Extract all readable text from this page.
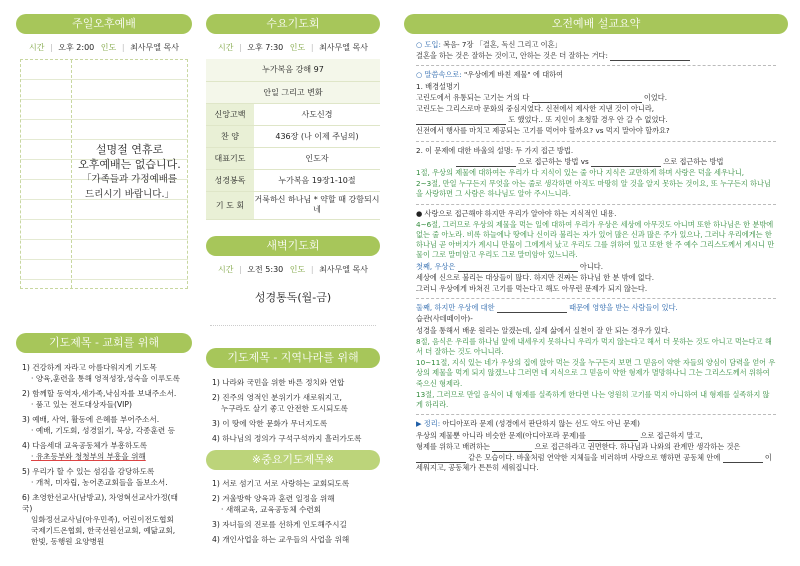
주일오후예배
시간 | 오후 2:00 인도 | 최사무엘 목사
설명절 연휴로
오후예배는 없습니다.
「가족들과 가정예배를
드리시기 바랍니다.」
기도제목 - 교회를 위해
1) 건강하게 자라고 아름다워지게 기도목
· 양육,훈련을 통해 영적성장,성숙을 이루도록
2) 함께할 동역자,새가족,낙심자를 보내주소서.
· 품고 있는 전도대상자들(VIP)
3) 예배, 사역, 활동에 은혜를 부어주소서.
· 예배, 기도회, 성경읽기, 묵상, 각종훈련 등
4) 다음세대 교육공동체가 부흥하도록
· 유초등부와 청청부의 부흥을 위해
5) 우리가 할 수 있는 섬김을 감당하도록
· 개척, 미자립, 농어촌교회들을 돌보소서.
6) 초영한선교사(남방교), 차영혁선교사가정(태국)
임화정선교사님(아우민족), 어린이전도협회
국제기드온협회, 한국선원선교회, 예닮교회,
한빛, 동행원 요양병원
수요기도회
시간 | 오후 7:30 인도 | 최사무엘 목사
누가복음 강해 97	
안일 그리고 변화	
신앙고백	사도신경
찬 양	436장 (나 이제 주님의)
대표기도	인도자
성경봉독	누가복음 19장1-10절
기 도 회	거룩하신 하나님 * 약할 때 강함되시네
새벽기도회
시간 | 오전 5:30 인도 | 최사무엘 목사
성경통독(월-금)
기도제목 - 지역나라를 위해
1) 나라와 국민을 위한 바른 정치와 연합
2) 진주의 영적인 분위기가 새로워지고,
누구라도 살기 좋고 안전한 도시되도록
3) 이 땅에 악한 문화가 무너지도록
4) 하나님의 정의가 구석구석까지 흘러가도록
※중요기도제목※
1) 서로 섬기고 서로 사랑하는 교회되도록
2) 겨울방학 양육과 훈련 일정을 위해
· 새해교육, 교육공동체 수련회
3) 자녀들의 진로를 선하게 인도해주시길
4) 개인사업을 하는 교우들의 사업을 위해
오전예배 설교요약

○ 도입: 복음- 7장 「결혼, 독신 그리고 이혼」

결혼을 하는 것은 잘하는 것이고, 안하는 것은 더 잘하는 거다:

○ 말씀속으로: "우상에게 바친 제물" 에 대하여

1. 배경설명기

고린도에서 유통되는 고기는 거의 다	이었다.

고린도는 그리스로마 문화의 중심지였다. 신전에서 제사한 지낸 것이 아니라,

도 했었다.. 또 지인이 초청할 경우 안 갈 수 없었다.

신전에서 행사를 마치고 제공되는 고기를 먹어야 할까요? vs 먹지 말아야 할까요?

2. 이 문제에 대한 바울의 설명: 두 가지 접근 방법.

으로 접근하는 방법 vs	으로 접근하는 방법

1절, 우상의 제물에 대하여는 우리가 다 지식이 있는 줄 아나 지식은 교만하게 하며 사랑은 덕을 세우나니,

2~3절, 만일 누구든지 무엇을 아는 줄로 생각하면 아직도 마땅히 알 것을 알지 못하는 것이요, 또 누구든지 하나님을 사랑하면 그 사람은 하나님도 알아 주시느니라.

● 사랑으로 접근해야 하지만 우리가 알아야 하는 지식적인 내용.

4~6절, 그러므로 우상의 제물을 먹는 일에 대하여 우리가 우상은 세상에 아무것도 아니며 또한 하나님은 한 분밖에 없는 줄 아노라. 비록 하늘에나 땅에나 신이라 불리는 자가 있어 많은 신과 많은 주가 있으나, 그러나 우리에게는 한 하나님 곧 아버지가 계시니 만물이 그에게서 났고 우리도 그를 위하여 있고 또한 한 주 예수 그리스도께서 계시니 만물이 그로 말미암고 우리도 그로 말미암아 있느니라.

첫째, 우상은	아니다.

세상에 신으로 불리는 대상들이 많다. 하지만 진짜는 하나님 한 분 밖에 없다.

그러니 우상에게 바쳐진 고기를 먹는다고 해도 아무런 문제가 되지 않는다.

둘째, 하지만 우상에 대한	때문에 영향을 받는 사람들이 있다.

습관(사데떼이아)-

성경을 통해서 배운 원리는 알겠는데, 실제 삶에서 실천이 잘 안 되는 경우가 있다.

8절, 음식은 우리를 하나님 앞에 내세우지 못하나니 우리가 먹지 않는다고 해서 더 못하는 것도 아니고 먹는다고 해서 더 잘하는 것도 아니니라.

10~11절, 지식 있는 네가 우상의 집에 앉아 먹는 것을 누구든지 보면 그 믿음이 약한 자들의 양심이 담력을 얻어 우상의 제물을 먹게 되지 않겠느냐 그러면 네 지식으로 그 믿음이 약한 형제가 멸망하나니 그는 그리스도께서 위하여 죽으신 형제라.

13절, 그러므로 만일 음식이 내 형제를 실족하게 한다면 나는 영원히 고기를 먹지 아니하여 내 형제를 실족하지 않게 하리라.

▶ 정리: 아디아포라 문제 (성경에서 판단하지 않는 선도 악도 아닌 문제)

우상의 제물뿐 아니라 비슷한 문제(아디아포라 문제)를	으로 접근하지 말고,

형제를 위하고 배려하는	으로 접근하라고 권면한다. 하나님과 나와의 관계만 생각하는 것은

같은 모습이다. 바울처럼 연약한 지체들을 비러하며 사랑으로 행하면 공동체 안에	이 세워지고, 공동체가 튼튼히 세워집니다.
